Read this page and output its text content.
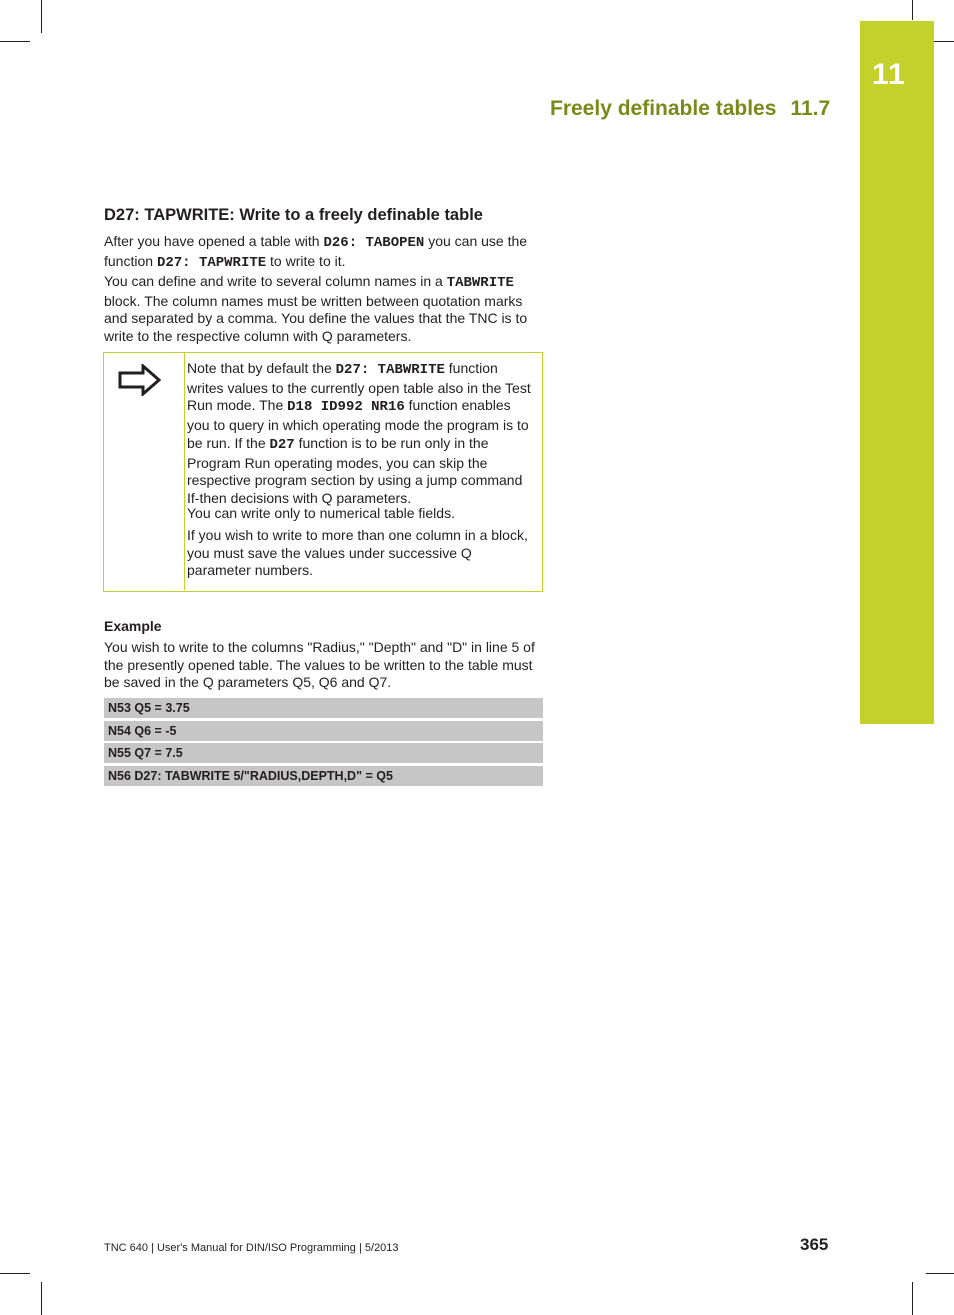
11
Freely definable tables 11.7
D27: TAPWRITE: Write to a freely definable table
After you have opened a table with D26: TABOPEN you can use the function D27: TAPWRITE to write to it.
You can define and write to several column names in a TABWRITE block. The column names must be written between quotation marks and separated by a comma. You define the values that the TNC is to write to the respective column with Q parameters.
Note that by default the D27: TABWRITE function writes values to the currently open table also in the Test Run mode. The D18 ID992 NR16 function enables you to query in which operating mode the program is to be run. If the D27 function is to be run only in the Program Run operating modes, you can skip the respective program section by using a jump command If-then decisions with Q parameters.
You can write only to numerical table fields.
If you wish to write to more than one column in a block, you must save the values under successive Q parameter numbers.
Example
You wish to write to the columns "Radius," "Depth" and "D" in line 5 of the presently opened table. The values to be written to the table must be saved in the Q parameters Q5, Q6 and Q7.
N53 Q5 = 3.75
N54 Q6 = -5
N55 Q7 = 7.5
N56 D27: TABWRITE 5/"RADIUS,DEPTH,D" = Q5
TNC 640 | User's Manual for DIN/ISO Programming | 5/2013	365
